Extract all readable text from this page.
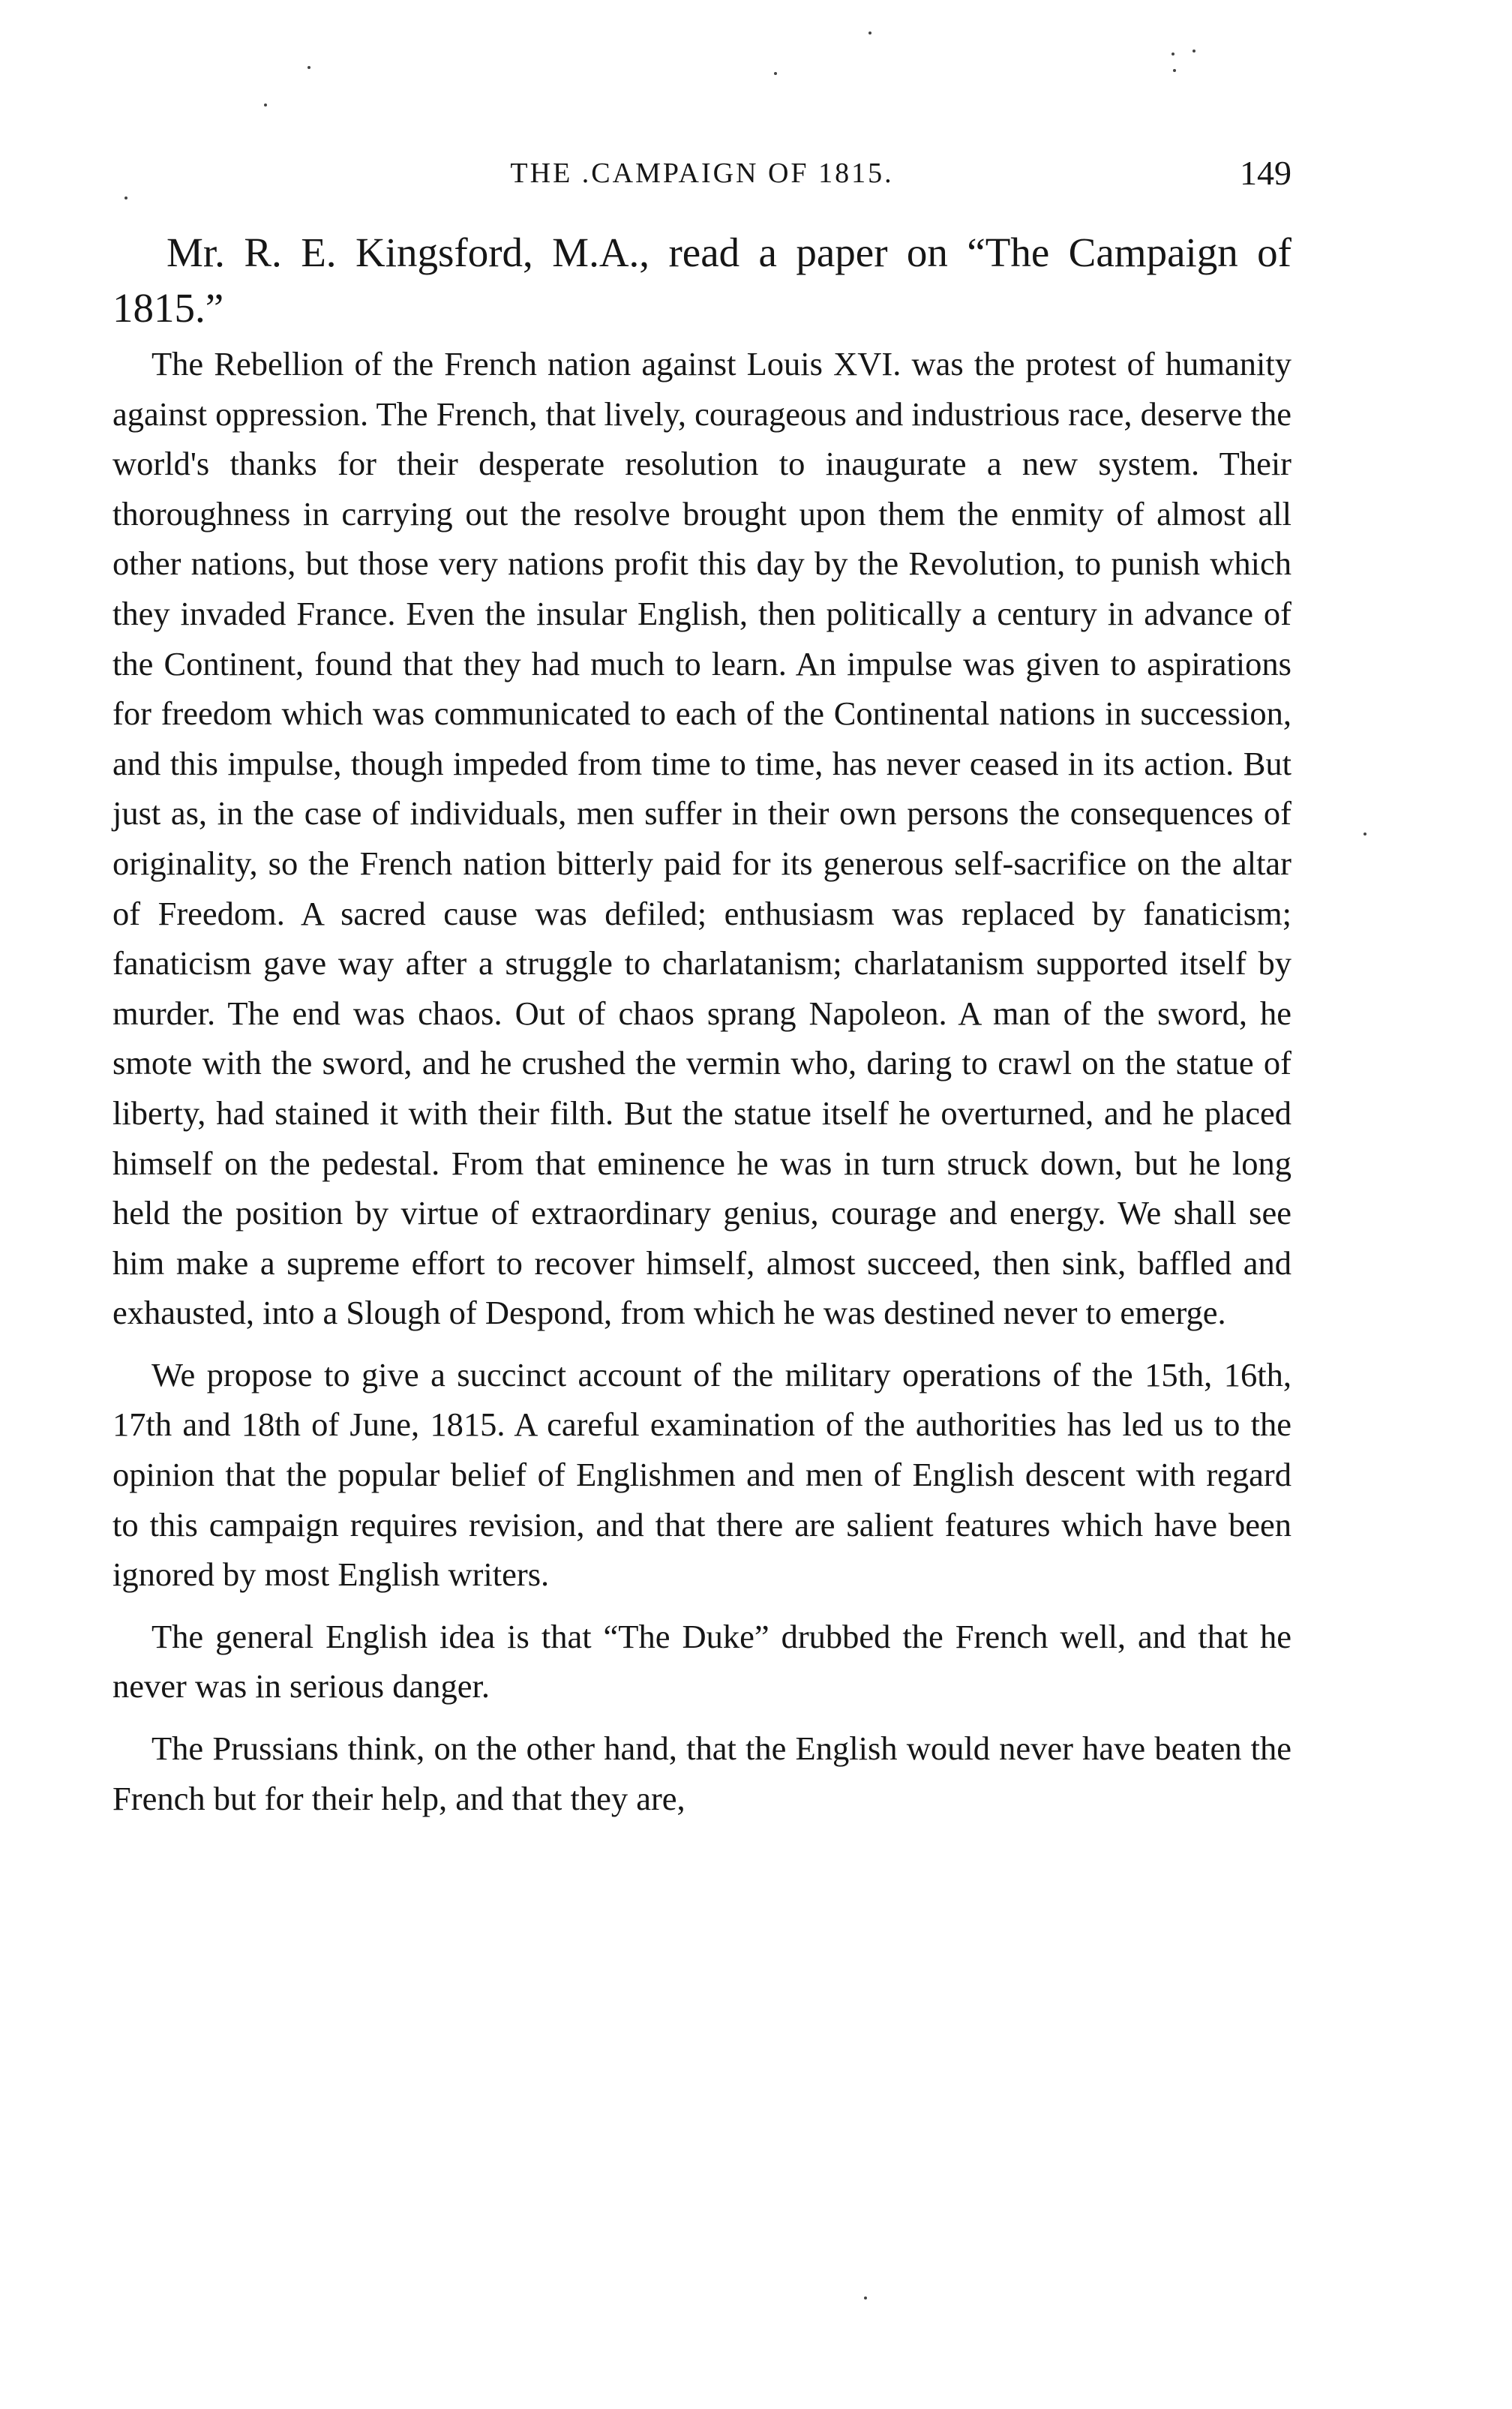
THE .CAMPAIGN OF 1815.	149

Mr. R. E. Kingsford, M.A., read a paper on “The Campaign of 1815.”

The Rebellion of the French nation against Louis XVI. was the protest of humanity against oppression. The French, that lively, courageous and industrious race, deserve the world's thanks for their desperate resolution to inaugurate a new system. Their thoroughness in carrying out the resolve brought upon them the enmity of almost all other nations, but those very nations profit this day by the Revolution, to punish which they invaded France. Even the insular English, then politically a century in advance of the Continent, found that they had much to learn. An impulse was given to aspirations for freedom which was communicated to each of the Continental nations in succession, and this impulse, though impeded from time to time, has never ceased in its action. But just as, in the case of individuals, men suffer in their own persons the consequences of originality, so the French nation bitterly paid for its generous self-sacrifice on the altar of Freedom. A sacred cause was defiled; enthusiasm was replaced by fanaticism; fanaticism gave way after a struggle to charlatanism; charlatanism supported itself by murder. The end was chaos. Out of chaos sprang Napoleon. A man of the sword, he smote with the sword, and he crushed the vermin who, daring to crawl on the statue of liberty, had stained it with their filth. But the statue itself he overturned, and he placed himself on the pedestal. From that eminence he was in turn struck down, but he long held the position by virtue of extraordinary genius, courage and energy. We shall see him make a supreme effort to recover himself, almost succeed, then sink, baffled and exhausted, into a Slough of Despond, from which he was destined never to emerge.

We propose to give a succinct account of the military operations of the 15th, 16th, 17th and 18th of June, 1815. A careful examination of the authorities has led us to the opinion that the popular belief of Englishmen and men of English descent with regard to this campaign requires revision, and that there are salient features which have been ignored by most English writers.

The general English idea is that “The Duke” drubbed the French well, and that he never was in serious danger.

The Prussians think, on the other hand, that the English would never have beaten the French but for their help, and that they are,
